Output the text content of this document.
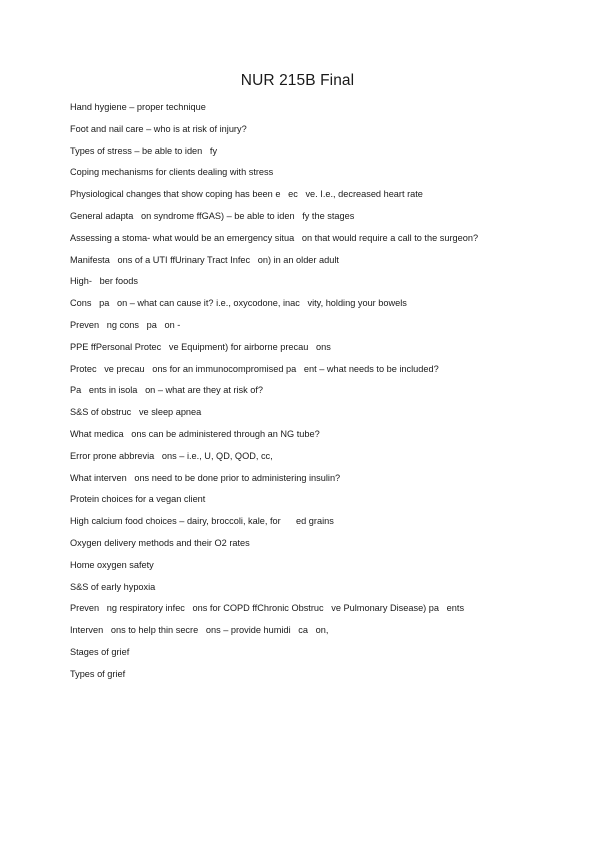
NUR 215B Final
Hand hygiene – proper technique
Foot and nail care – who is at risk of injury?
Types of stress – be able to iden   fy
Coping mechanisms for clients dealing with stress
Physiological changes that show coping has been e   ec   ve. I.e., decreased heart rate
General adapta   on syndrome ffGAS) – be able to iden   fy the stages
Assessing a stoma- what would be an emergency situa   on that would require a call to the surgeon?
Manifesta   ons of a UTI ffUrinary Tract Infec   on) in an older adult
High-   ber foods
Cons   pa   on – what can cause it? i.e., oxycodone, inac   vity, holding your bowels
Preven   ng cons   pa   on -
PPE ffPersonal Protec   ve Equipment) for airborne precau   ons
Protec   ve precau   ons for an immunocompromised pa   ent – what needs to be included?
Pa   ents in isola   on – what are they at risk of?
S&S of obstruc   ve sleep apnea
What medica   ons can be administered through an NG tube?
Error prone abbrevia   ons – i.e., U, QD, QOD, cc,
What interven   ons need to be done prior to administering insulin?
Protein choices for a vegan client
High calcium food choices – dairy, broccoli, kale, for      ed grains
Oxygen delivery methods and their O2 rates
Home oxygen safety
S&S of early hypoxia
Preven   ng respiratory infec   ons for COPD ffChronic Obstruc   ve Pulmonary Disease) pa   ents
Interven   ons to help thin secre   ons – provide humidi   ca   on,
Stages of grief
Types of grief
